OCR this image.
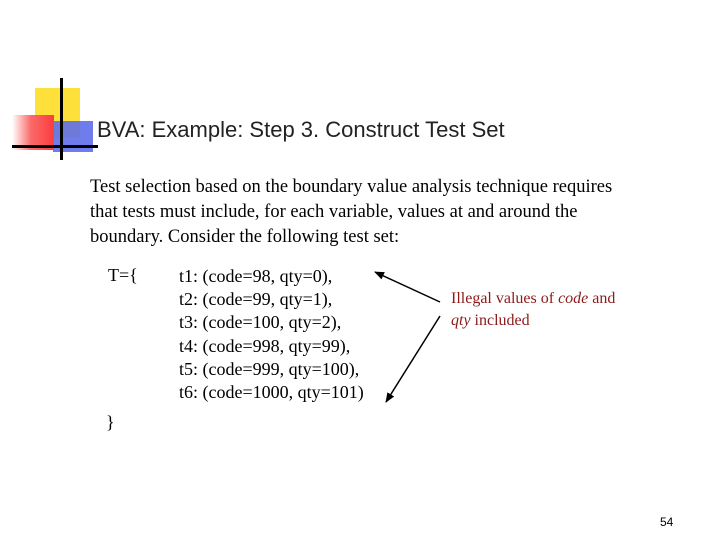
BVA: Example: Step 3. Construct Test Set
Test selection based on the boundary value analysis technique requires
that tests must include, for each variable, values at and around the
boundary. Consider the following test set:
T={ t1: (code=98, qty=0),
t2: (code=99, qty=1),
t3: (code=100, qty=2),
t4: (code=998, qty=99),
t5: (code=999, qty=100),
t6: (code=1000, qty=101)
}
Illegal values of code and
qty included
54
